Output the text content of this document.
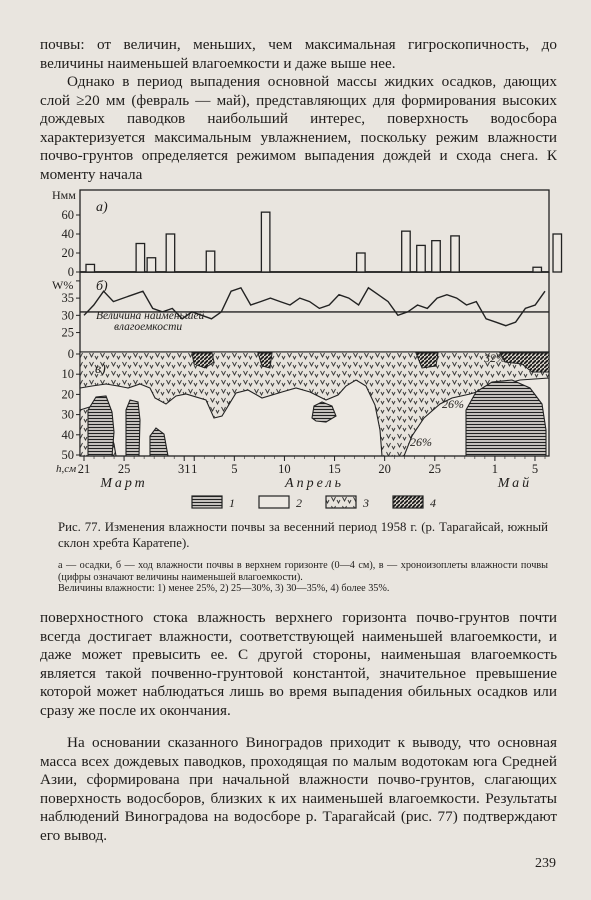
почвы: от величин, меньших, чем максимальная гигроскопичность, до величины наименьшей влагоемкости и даже выше нее.

Однако в период выпадения основной массы жидких осадков, дающих слой ≥20 мм (февраль — май), представляющих для формирования высоких дождевых паводков наибольший интерес, поверхность водосбора характеризуется максимальным увлажнением, поскольку режим влажности почво-грунтов определяется режимом выпадения дождей и схода снега. К моменту начала

0
20
40
60
Нмм
а)
25
30
35
W% б)
Величина наименьшей
влагоемкости
26%
32%
26%
0
10
20
30
40
50
в)
h,см 21 25	31 1	5	10	15	20	25	1	5
Март	Апрель	Май
1	2	3	4

Рис. 77. Изменения влажности почвы за весенний период 1958 г. (р. Тарагайсай, южный склон хребта Каратепе).

а — осадки, б — ход влажности почвы в верхнем горизонте (0—4 см), в — хроноизоплеты влажности почвы (цифры означают величины наименьшей влагоемкости).

Величины влажности: 1) менее 25%, 2) 25—30%, 3) 30—35%, 4) более 35%.

поверхностного стока влажность верхнего горизонта почво-грунтов почти всегда достигает влажности, соответствующей наименьшей влагоемкости, и даже может превысить ее. С другой стороны, наименьшая влагоемкость является такой почвенно-грунтовой константой, значительное превышение которой может наблюдаться лишь во время выпадения обильных осадков или сразу же после их окончания.

На основании сказанного Виноградов приходит к выводу, что основная масса всех дождевых паводков, проходящая по малым водотокам юга Средней Азии, сформирована при начальной влажности почво-грунтов, слагающих поверхность водосборов, близких к их наименьшей влагоемкости. Результаты наблюдений Виноградова на водосборе р. Тарагайсай (рис. 77) подтверждают его вывод.

239
